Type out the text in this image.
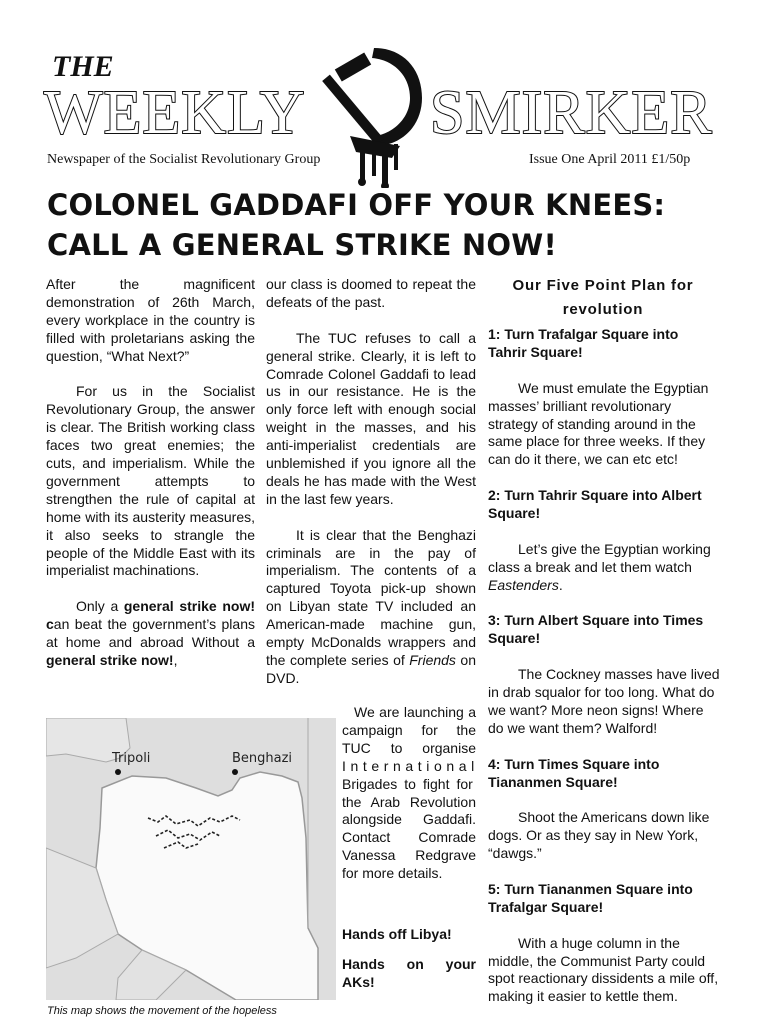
THE
WEEKLY SMIRKER
Newspaper of the Socialist Revolutionary Group	Issue One April 2011 £1/50p
COLONEL GADDAFI OFF YOUR KNEES:
CALL A GENERAL STRIKE NOW!

After the magnificent demonstration of 26th March, every workplace in the country is filled with proletarians asking the question, “What Next?”

For us in the Socialist Revolutionary Group, the answer is clear. The British working class faces two great enemies; the cuts, and imperialism. While the government attempts to strengthen the rule of capital at home with its austerity measures, it also seeks to strangle the people of the Middle East with its imperialist machinations.

Only a general strike now! can beat the government’s plans at home and abroad Without a general strike now!,

our class is doomed to repeat the defeats of the past.

The TUC refuses to call a general strike. Clearly, it is left to Comrade Colonel Gaddafi to lead us in our resistance. He is the only force left with enough social weight in the masses, and his anti-imperialist credentials are unblemished if you ignore all the deals he has made with the West in the last few years.

It is clear that the Benghazi criminals are in the pay of imperialism. The contents of a captured Toyota pick-up shown on Libyan state TV included an American-made machine gun, empty McDonalds wrappers and the complete series of Friends on DVD.

We are launching a campaign for the TUC to organise International Brigades to fight for the Arab Revolution alongside Gaddafi. Contact Comrade Vanessa Redgrave for more details.

Hands off Libya!
Hands on your
AKs!
Tripoli	Benghazi
This map shows the movement of the hopeless
Our Five Point Plan for revolution

1: Turn Trafalgar Square into Tahrir Square!

We must emulate the Egyptian masses’ brilliant revolutionary strategy of standing around in the same place for three weeks. If they can do it there, we can etc etc!

2: Turn Tahrir Square into Albert Square!

Let’s give the Egyptian working class a break and let them watch Eastenders.

3: Turn Albert Square into Times Square!

The Cockney masses have lived in drab squalor for too long. What do we want? More neon signs! Where do we want them? Walford!

4: Turn Times Square into Tiananmen Square!

Shoot the Americans down like dogs. Or as they say in New York, “dawgs.”

5: Turn Tiananmen Square into Trafalgar Square!

With a huge column in the middle, the Communist Party could spot reactionary dissidents a mile off, making it easier to kettle them.
